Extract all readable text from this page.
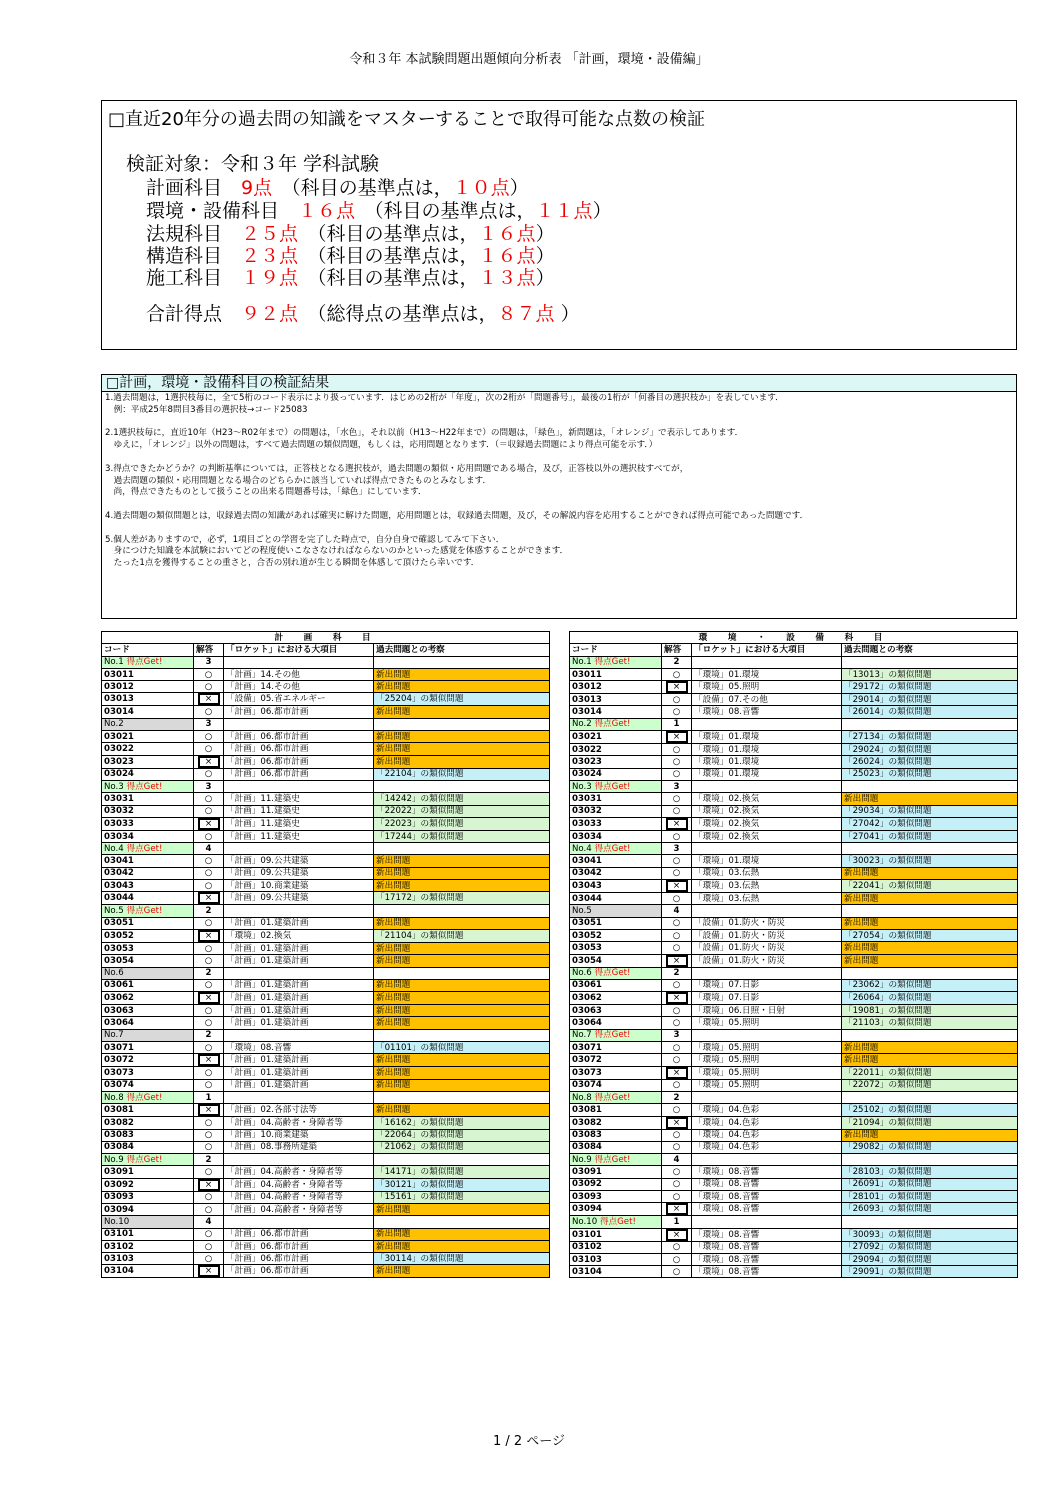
令和３年 本試験問題出題傾向分析表 「計画，環境・設備編」
□直近20年分の過去問の知識をマスターすることで取得可能な点数の検証
検証対象：令和３年 学科試験
計画科目　9点　（科目の基準点は，１０点）
環境・設備科目　１６点　（科目の基準点は，１１点）
法規科目　２５点　（科目の基準点は，１６点）
構造科目　２３点　（科目の基準点は，１６点）
施工科目　１９点　（科目の基準点は，１３点）
合計得点　９２点　（総得点の基準点は，８７点 ）
□計画，環境・設備科目の検証結果

1.過去問題は，1選択枝毎に，全て5桁のコード表示により扱っています．はじめの2桁が「年度」，次の2桁が「問題番号」，最後の1桁が「何番目の選択枝か」を表しています．

　例：平成25年8問目3番目の選択枝→コード25083

2.1選択枝毎に，直近10年（H23～R02年まで）の問題は，「水色」，それ以前（H13～H22年まで）の問題は，「緑色」，新問題は，「オレンジ」で表示してあります．

　ゆえに，「オレンジ」以外の問題は，すべて過去問題の類似問題，もしくは，応用問題となります．（＝収録過去問題により得点可能を示す．）

3.得点できたかどうか？の判断基準については，正答枝となる選択枝が，過去問題の類似・応用問題である場合，及び，正答枝以外の選択枝すべてが，

　過去問題の類似・応用問題となる場合のどちらかに該当していれば得点できたものとみなします．

　尚，得点できたものとして扱うことの出来る問題番号は，「緑色」にしています．

4.過去問題の類似問題とは，収録過去問の知識があれば確実に解けた問題，応用問題とは，収録過去問題，及び，その解説内容を応用することができれば得点可能であった問題です．

5.個人差がありますので，必ず，1項目ごとの学習を完了した時点で，自分自身で確認してみて下さい．

　身につけた知識を本試験においてどの程度使いこなさなければならないのかといった感覚を体感することができます．

　たった1点を獲得することの重さと，合否の別れ道が生じる瞬間を体感して頂けたら幸いです．

計　画　科　目			
コード	解答	「ロケット」における大項目	過去問題との考察
No.1 得点Get!	3		
03011	○	「計画」14.その他	新出問題
03012	○	「計画」14.その他	新出問題
03013	×	「設備」05.省エネルギー	「25204」の類似問題
03014	○	「計画」06.都市計画	新出問題
No.2	3		
03021	○	「計画」06.都市計画	新出問題
03022	○	「計画」06.都市計画	新出問題
03023	×	「計画」06.都市計画	新出問題
03024	○	「計画」06.都市計画	「22104」の類似問題
No.3 得点Get!	3		
03031	○	「計画」11.建築史	「14242」の類似問題
03032	○	「計画」11.建築史	「22022」の類似問題
03033	×	「計画」11.建築史	「22023」の類似問題
03034	○	「計画」11.建築史	「17244」の類似問題
No.4 得点Get!	4		
03041	○	「計画」09.公共建築	新出問題
03042	○	「計画」09.公共建築	新出問題
03043	○	「計画」10.商業建築	新出問題
03044	×	「計画」09.公共建築	「17172」の類似問題
No.5 得点Get!	2		
03051	○	「計画」01.建築計画	新出問題
03052	×	「環境」02.換気	「21104」の類似問題
03053	○	「計画」01.建築計画	新出問題
03054	○	「計画」01.建築計画	新出問題
No.6	2		
03061	○	「計画」01.建築計画	新出問題
03062	×	「計画」01.建築計画	新出問題
03063	○	「計画」01.建築計画	新出問題
03064	○	「計画」01.建築計画	新出問題
No.7	2		
03071	○	「環境」08.音響	「01101」の類似問題
03072	×	「計画」01.建築計画	新出問題
03073	○	「計画」01.建築計画	新出問題
03074	○	「計画」01.建築計画	新出問題
No.8 得点Get!	1		
03081	×	「計画」02.各部寸法等	新出問題
03082	○	「計画」04.高齢者・身障者等	「16162」の類似問題
03083	○	「計画」10.商業建築	「22064」の類似問題
03084	○	「計画」08.事務所建築	「21062」の類似問題
No.9 得点Get!	2		
03091	○	「計画」04.高齢者・身障者等	「14171」の類似問題
03092	×	「計画」04.高齢者・身障者等	「30121」の類似問題
03093	○	「計画」04.高齢者・身障者等	「15161」の類似問題
03094	○	「計画」04.高齢者・身障者等	新出問題
No.10	4		
03101	○	「計画」06.都市計画	新出問題
03102	○	「計画」06.都市計画	新出問題
03103	○	「計画」06.都市計画	「30114」の類似問題
03104	×	「計画」06.都市計画	新出問題
環　境　・　設　備　科　目			
コード	解答	「ロケット」における大項目	過去問題との考察
No.1 得点Get!	2		
03011	○	「環境」01.環境	「13013」の類似問題
03012	×	「環境」05.照明	「29172」の類似問題
03013	○	「設備」07.その他	「29014」の類似問題
03014	○	「環境」08.音響	「26014」の類似問題
No.2 得点Get!	1		
03021	×	「環境」01.環境	「27134」の類似問題
03022	○	「環境」01.環境	「29024」の類似問題
03023	○	「環境」01.環境	「26024」の類似問題
03024	○	「環境」01.環境	「25023」の類似問題
No.3 得点Get!	3		
03031	○	「環境」02.換気	新出問題
03032	○	「環境」02.換気	「29034」の類似問題
03033	×	「環境」02.換気	「27042」の類似問題
03034	○	「環境」02.換気	「27041」の類似問題
No.4 得点Get!	3		
03041	○	「環境」01.環境	「30023」の類似問題
03042	○	「環境」03.伝熱	新出問題
03043	×	「環境」03.伝熱	「22041」の類似問題
03044	○	「環境」03.伝熱	新出問題
No.5	4		
03051	○	「設備」01.防火・防災	新出問題
03052	○	「設備」01.防火・防災	「27054」の類似問題
03053	○	「設備」01.防火・防災	新出問題
03054	×	「設備」01.防火・防災	新出問題
No.6 得点Get!	2		
03061	○	「環境」07.日影	「23062」の類似問題
03062	×	「環境」07.日影	「26064」の類似問題
03063	○	「環境」06.日照・日射	「19081」の類似問題
03064	○	「環境」05.照明	「21103」の類似問題
No.7 得点Get!	3		
03071	○	「環境」05.照明	新出問題
03072	○	「環境」05.照明	新出問題
03073	×	「環境」05.照明	「22011」の類似問題
03074	○	「環境」05.照明	「22072」の類似問題
No.8 得点Get!	2		
03081	○	「環境」04.色彩	「25102」の類似問題
03082	×	「環境」04.色彩	「21094」の類似問題
03083	○	「環境」04.色彩	新出問題
03084	○	「環境」04.色彩	「29082」の類似問題
No.9 得点Get!	4		
03091	○	「環境」08.音響	「28103」の類似問題
03092	○	「環境」08.音響	「26091」の類似問題
03093	○	「環境」08.音響	「28101」の類似問題
03094	×	「環境」08.音響	「26093」の類似問題
No.10 得点Get!	1		
03101	×	「環境」08.音響	「30093」の類似問題
03102	○	「環境」08.音響	「27092」の類似問題
03103	○	「環境」08.音響	「29094」の類似問題
03104	○	「環境」08.音響	「29091」の類似問題
1 / 2 ページ
